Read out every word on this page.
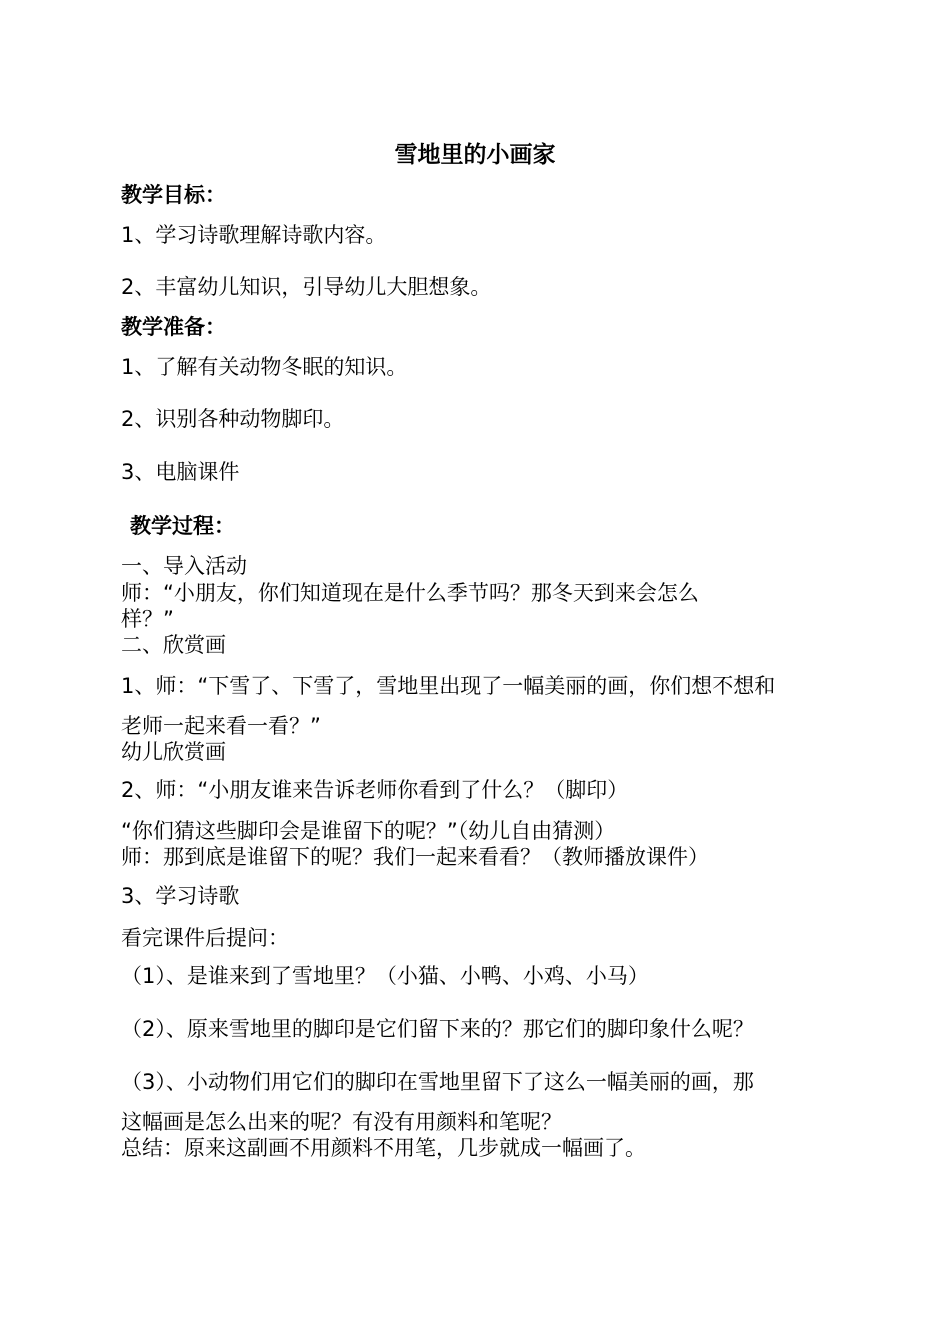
雪地里的小画家
教学目标：
1、学习诗歌理解诗歌内容。
2、丰富幼儿知识，引导幼儿大胆想象。
教学准备：
1、了解有关动物冬眠的知识。
2、识别各种动物脚印。
3、电脑课件
教学过程：
一、导入活动
师：“小朋友，你们知道现在是什么季节吗？那冬天到来会怎么
样？”
二、欣赏画
1、师：“下雪了、下雪了，雪地里出现了一幅美丽的画，你们想不想和
老师一起来看一看？”
幼儿欣赏画
2、师：“小朋友谁来告诉老师你看到了什么？（脚印）
“你们猜这些脚印会是谁留下的呢？”（幼儿自由猜测）
师：那到底是谁留下的呢？我们一起来看看？（教师播放课件）
3、学习诗歌
看完课件后提问：
（1）、是谁来到了雪地里？（小猫、小鸭、小鸡、小马）
（2）、原来雪地里的脚印是它们留下来的？那它们的脚印象什么呢？
（3）、小动物们用它们的脚印在雪地里留下了这么一幅美丽的画，那
这幅画是怎么出来的呢？有没有用颜料和笔呢？
总结：原来这副画不用颜料不用笔，几步就成一幅画了。
